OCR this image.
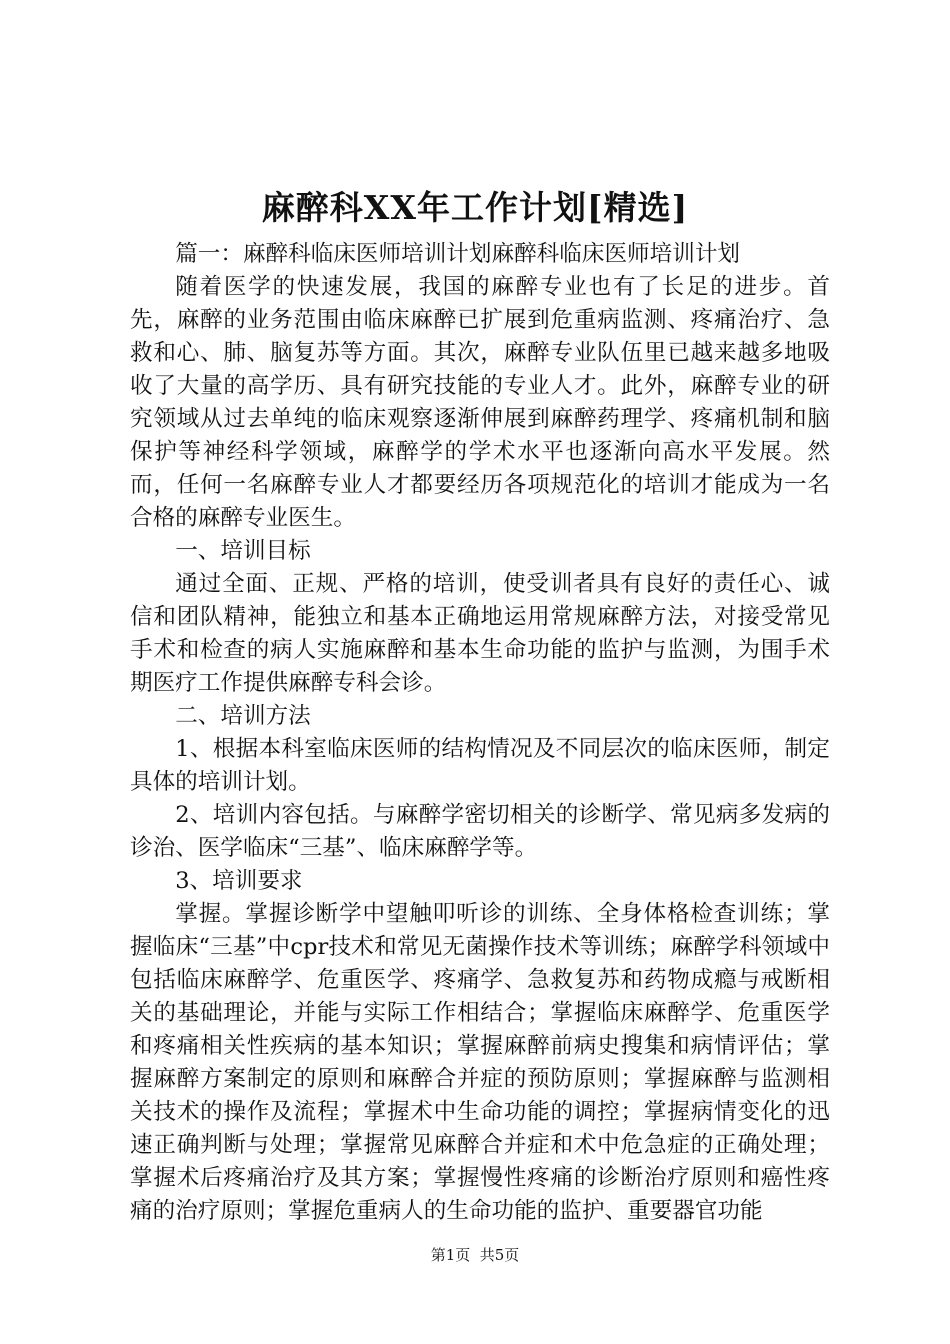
麻醉科XX年工作计划[精选]

篇一：麻醉科临床医师培训计划麻醉科临床医师培训计划

随着医学的快速发展，我国的麻醉专业也有了长足的进步。首先，麻醉的业务范围由临床麻醉已扩展到危重病监测、疼痛治疗、急救和心、肺、脑复苏等方面。其次，麻醉专业队伍里已越来越多地吸收了大量的高学历、具有研究技能的专业人才。此外，麻醉专业的研究领域从过去单纯的临床观察逐渐伸展到麻醉药理学、疼痛机制和脑保护等神经科学领域，麻醉学的学术水平也逐渐向高水平发展。然而，任何一名麻醉专业人才都要经历各项规范化的培训才能成为一名合格的麻醉专业医生。

一、培训目标

通过全面、正规、严格的培训，使受训者具有良好的责任心、诚信和团队精神，能独立和基本正确地运用常规麻醉方法，对接受常见手术和检查的病人实施麻醉和基本生命功能的监护与监测，为围手术期医疗工作提供麻醉专科会诊。

二、培训方法

1、根据本科室临床医师的结构情况及不同层次的临床医师，制定具体的培训计划。

2、培训内容包括。与麻醉学密切相关的诊断学、常见病多发病的诊治、医学临床“三基”、临床麻醉学等。

3、培训要求

掌握。掌握诊断学中望触叩听诊的训练、全身体格检查训练；掌握临床“三基”中cpr技术和常见无菌操作技术等训练；麻醉学科领域中包括临床麻醉学、危重医学、疼痛学、急救复苏和药物成瘾与戒断相关的基础理论，并能与实际工作相结合；掌握临床麻醉学、危重医学和疼痛相关性疾病的基本知识；掌握麻醉前病史搜集和病情评估；掌握麻醉方案制定的原则和麻醉合并症的预防原则；掌握麻醉与监测相关技术的操作及流程；掌握术中生命功能的调控；掌握病情变化的迅速正确判断与处理；掌握常见麻醉合并症和术中危急症的正确处理；掌握术后疼痛治疗及其方案；掌握慢性疼痛的诊断治疗原则和癌性疼痛的治疗原则；掌握危重病人的生命功能的监护、重要器官功能

第1页  共5页
